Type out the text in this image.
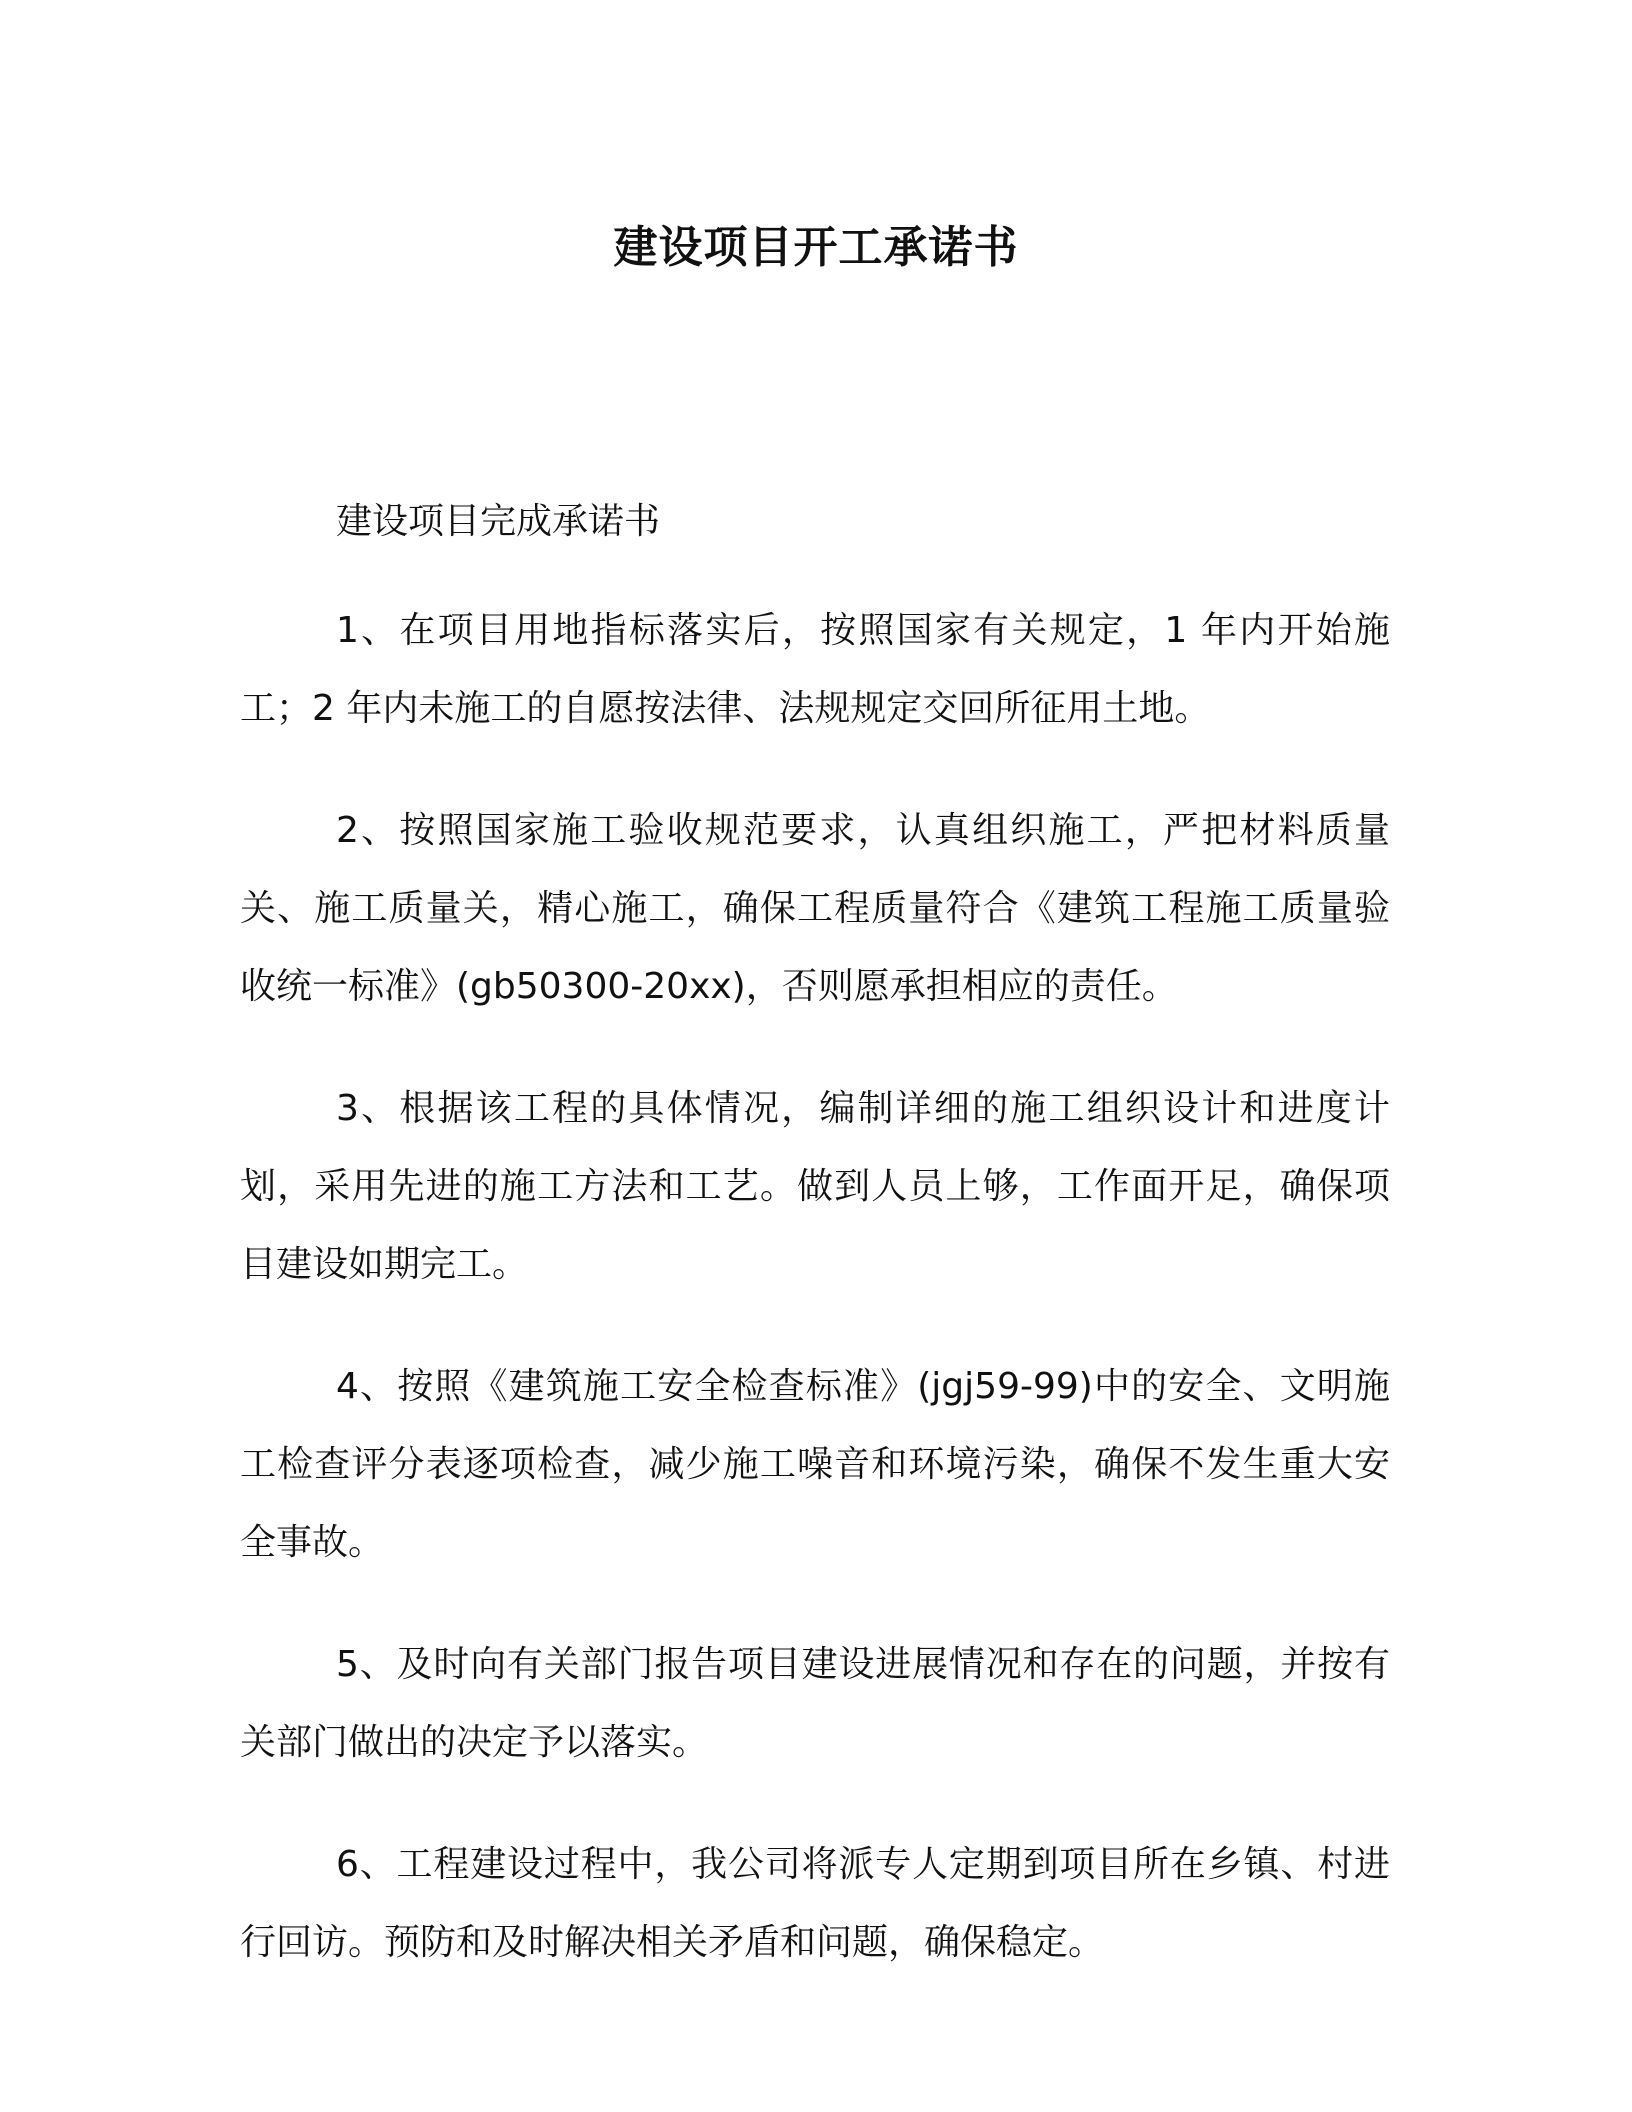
建设项目开工承诺书

建设项目完成承诺书

1、在项目用地指标落实后，按照国家有关规定，1 年内开始施工；2 年内未施工的自愿按法律、法规规定交回所征用土地。

2、按照国家施工验收规范要求，认真组织施工，严把材料质量关、施工质量关，精心施工，确保工程质量符合《建筑工程施工质量验收统一标准》(gb50300-20xx)，否则愿承担相应的责任。

3、根据该工程的具体情况，编制详细的施工组织设计和进度计划，采用先进的施工方法和工艺。做到人员上够，工作面开足，确保项目建设如期完工。

4、按照《建筑施工安全检查标准》(jgj59-99)中的安全、文明施工检查评分表逐项检查，减少施工噪音和环境污染，确保不发生重大安全事故。

5、及时向有关部门报告项目建设进展情况和存在的问题，并按有关部门做出的决定予以落实。

6、工程建设过程中，我公司将派专人定期到项目所在乡镇、村进行回访。预防和及时解决相关矛盾和问题，确保稳定。
